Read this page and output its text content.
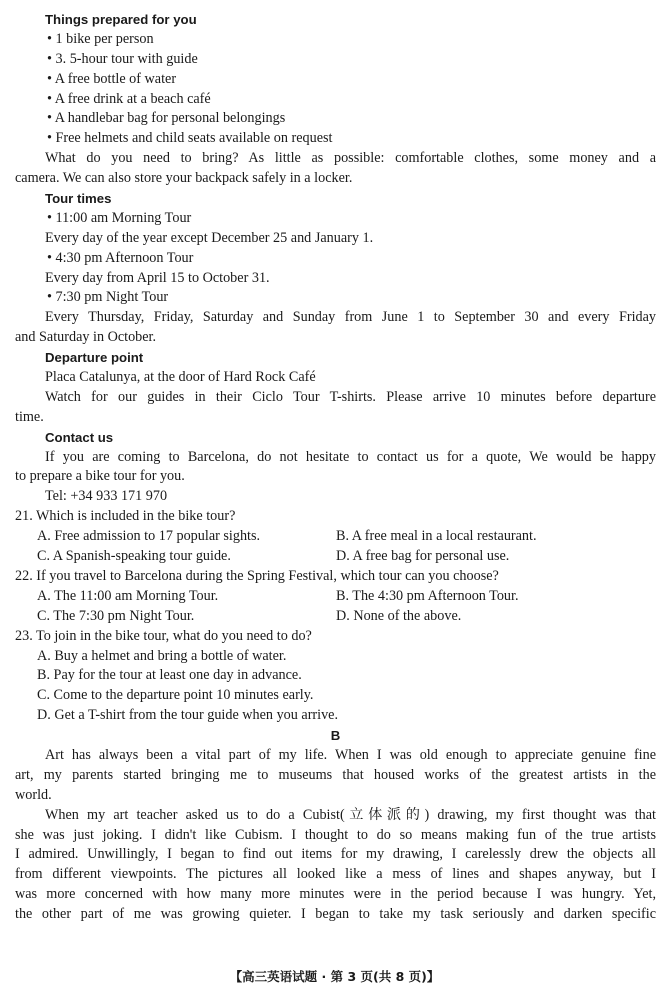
Things prepared for you
• 1 bike per person
• 3. 5-hour tour with guide
• A free bottle of water
• A free drink at a beach café
• A handlebar bag for personal belongings
• Free helmets and child seats available on request
What do you need to bring? As little as possible: comfortable clothes, some money and a
camera. We can also store your backpack safely in a locker.
Tour times
• 11:00 am Morning Tour
Every day of the year except December 25 and January 1.
• 4:30 pm Afternoon Tour
Every day from April 15 to October 31.
• 7:30 pm Night Tour
Every Thursday, Friday, Saturday and Sunday from June 1 to September 30 and every Friday
and Saturday in October.
Departure point
Placa Catalunya, at the door of Hard Rock Café
Watch for our guides in their Ciclo Tour T-shirts. Please arrive 10 minutes before departure
time.
Contact us
If you are coming to Barcelona, do not hesitate to contact us for a quote, We would be happy
to prepare a bike tour for you.
Tel: +34 933 171 970
21. Which is included in the bike tour?
A. Free admission to 17 popular sights.	B. A free meal in a local restaurant.
C. A Spanish-speaking tour guide.	D. A free bag for personal use.
22. If you travel to Barcelona during the Spring Festival, which tour can you choose?
A. The 11:00 am Morning Tour.	B. The 4:30 pm Afternoon Tour.
C. The 7:30 pm Night Tour.	D. None of the above.
23. To join in the bike tour, what do you need to do?
A. Buy a helmet and bring a bottle of water.
B. Pay for the tour at least one day in advance.
C. Come to the departure point 10 minutes early.
D. Get a T-shirt from the tour guide when you arrive.
B
Art has always been a vital part of my life. When I was old enough to appreciate genuine fine
art, my parents started bringing me to museums that housed works of the greatest artists in the
world.
When my art teacher asked us to do a Cubist(立体派的) drawing, my first thought was that
she was just joking. I didn't like Cubism. I thought to do so means making fun of the true artists
I admired. Unwillingly, I began to find out items for my drawing, I carelessly drew the objects all
from different viewpoints. The pictures all looked like a mess of lines and shapes anyway, but I
was more concerned with how many more minutes were in the period because I was hungry. Yet,
the other part of me was growing quieter. I began to take my task seriously and darken specific
【高三英语试题 · 第 3 页(共 8 页)】
